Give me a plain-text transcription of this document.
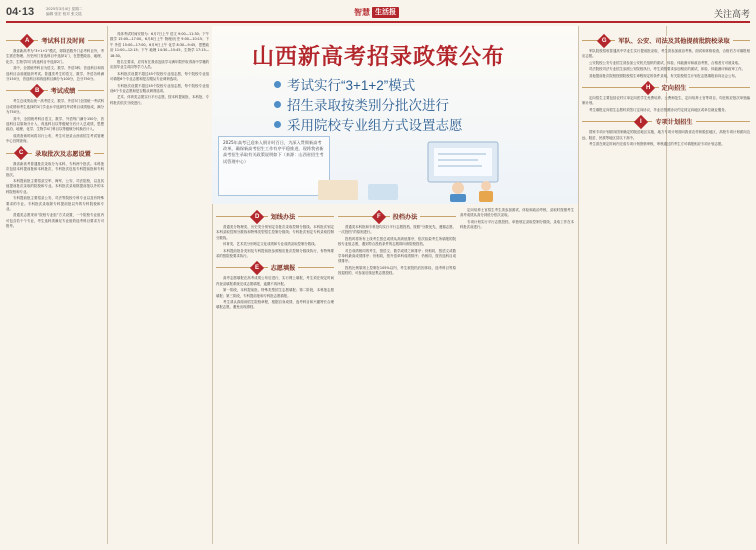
04·13	2025年3月4日 星期二
编辑 张宏 校对 张文铭	智慧 生活报	关注高考
A	考试科目及时间

我省新高考为“3+1+2”模式，即除语数外门必考科目外，考生需在物理、历史两门首选科目中选择1门，在思想政治、地理、化学、生物学四门再选科目中选择2门。

其中，全国统考科目为语文、数学、外语3科；首选科目和再选科目由省级组织考试。普通类考生的语文、数学、外语各科满分150分，首选科目和再选科目满分为100分，总分750分。

B	考试成绩

考生总成绩由统一高考语文、数学、外语3门全国统一考试科目成绩和考生选择的3门学业水平选择性考试科目成绩组成，满分为750分。

其中，全国统考科目语文、数学、外语每门满分150分，首选科目以原始分计入，再选科目以等级赋分后计入总成绩，思想政治、地理、化学、生物学4门科目以等级赋分转换后计入。

成绩查询时间将另行公布，考生可登录山西省招生考试管理中心官网查询。

C	录取批次及志愿设置

我省新高考普通批次录取分为本科、专科两个批次。本科批次包括本科提前批和本科批次，专科批次包括专科提前批和专科批次。

本科提前批主要招录空军、海军、公安、司法院校，以及其他提前批次录取的院校和专业。本科批次录取除提前批以外的本科院校和专业。

专科提前批主要招录公安、司法等院校专科专业以及有特殊要求的专业。专科批次录取除专科提前批以外的专科院校和专业。

普通类志愿采用“院校专业组”方式设置，一个院校专业组内可包含若干个专业，考生选科须满足专业组的选考科目要求方可报考。

具体考试时间安排为：6月7日上午 语文 9:00—11:30；下午 数学 15:00—17:00。6月8日上午 物理/历史 9:00—10:15；下午 外语 15:00—17:00。6月9日上午 化学 8:30—9:45，思想政治 11:00—12:15；下午 地理 14:30—15:45，生物学 17:15—18:30。

报名生要求，应具有在我省连续学习满年限并取得高中学籍的应届毕业生或同等学力人员。

本科批次设置不超过45个院校专业组志愿，每个院校专业组可填报6个专业志愿和是否服从专业调剂选项。

专科批次设置不超过45个院校专业组志愿，每个院校专业组设6个专业志愿和是否服从调剂选项。

艺术、体育类志愿实行平行志愿，按本科提前批、本科批、专科批次依次分段进行。

山西新高考招录政策公布
考试实行“3+1+2”模式
招生录取按类别分批次进行
采用院校专业组方式设置志愿
2025年高考已迎来入倒计时百日，为深入贯彻新高考改革，确保新高考招生工作有序平稳推进，现将我省新高考招生录取有关政策说明如下（来源：山西省招生考试管理中心）
D	划线办法

普通类分物理类、历史类分别划定各批次录取控制分数线。本科批次划定本科录取控制分数线和特殊类型招生控制分数线；专科批次划定专科录取控制分数线。

体育类、艺术类分别划定文化成绩和专业成绩录取控制分数线。

本科提前批各类别及专科提前批参照相应批次控制分数线执行，有特殊要求的按院校要求执行。

E	志愿填报

高考志愿填报在高考成绩公布后进行，实行网上填报，考生须在规定时间内登录填报系统完成志愿填报，逾期不再补报。

第一阶段，本科提前批、特殊类型招生志愿填报；第二阶段，本科批志愿填报；第三阶段，专科提前批和专科批志愿填报。

考生须认真阅读招生院校章程，根据自身成绩、选考科目和兴趣特长合理填报志愿，避免出现滑档。

F	投档办法

普通类本科批和专科批均实行平行志愿投档，按照“分数优先、遵循志愿、一次投档”的原则进行。

投档时将所有上线考生按总成绩从高到低排序，依次检索考生所填报的院校专业组志愿，遇到符合投档条件的志愿即向该院校投档。

对总成绩相同的考生，按语文、数学成绩之和排序；仍相同，按语文或数学单科最高成绩排序；仍相同，按外语单科成绩排序；仍相同，按首选科目成绩排序。

投档比例原则上控制在105%以内，考生被投档后因体检、选考科目等原因退档的，可参加后续征集志愿投档。

定向培养士官招生考生须参加面试、体检和政治考核，录取时按照考生高考成绩从高分到低分依次录取。

专项计划实行平行志愿投档，单独划定录取控制分数线，录取工作在本科批次前进行。

G	军队、公安、司法及其他提前批院校录取

军队院校招收普通高中毕业生实行提前批录取，考生须参加政治考核、面试和体格检查，合格后方可填报相应志愿。

公安院校公安专业招生须参加公安机关组织的面试、体检、体能测评和政治考察，合格者方可被录取。

司法院校司法专业招生参照公安院校执行，考生须按要求参加相应的面试、体检、体能测评和政审工作。

其他提前批次院校按照院校招生章程规定的条件录取，有关院校招生计划在志愿填报前向社会公布。

H	定向招生

定向招生主要包括农村订单定向医学生免费培养、公费师范生、定向培养士官等项目，均在相应批次单独编制计划。

考生填报定向招生志愿时须签订定向协议，毕业后按照协议约定到定向地区或单位就业服务。

I	专项计划招生

国家专项计划面向国家确定的脱贫地区实施，地方专项计划面向我省农村和脱贫地区，高校专项计划面向边远、脱贫、民族等地区县以下高中。

考生须在规定时间内完成专项计划资格审核，审核通过的考生方可填报相应专项计划志愿。
